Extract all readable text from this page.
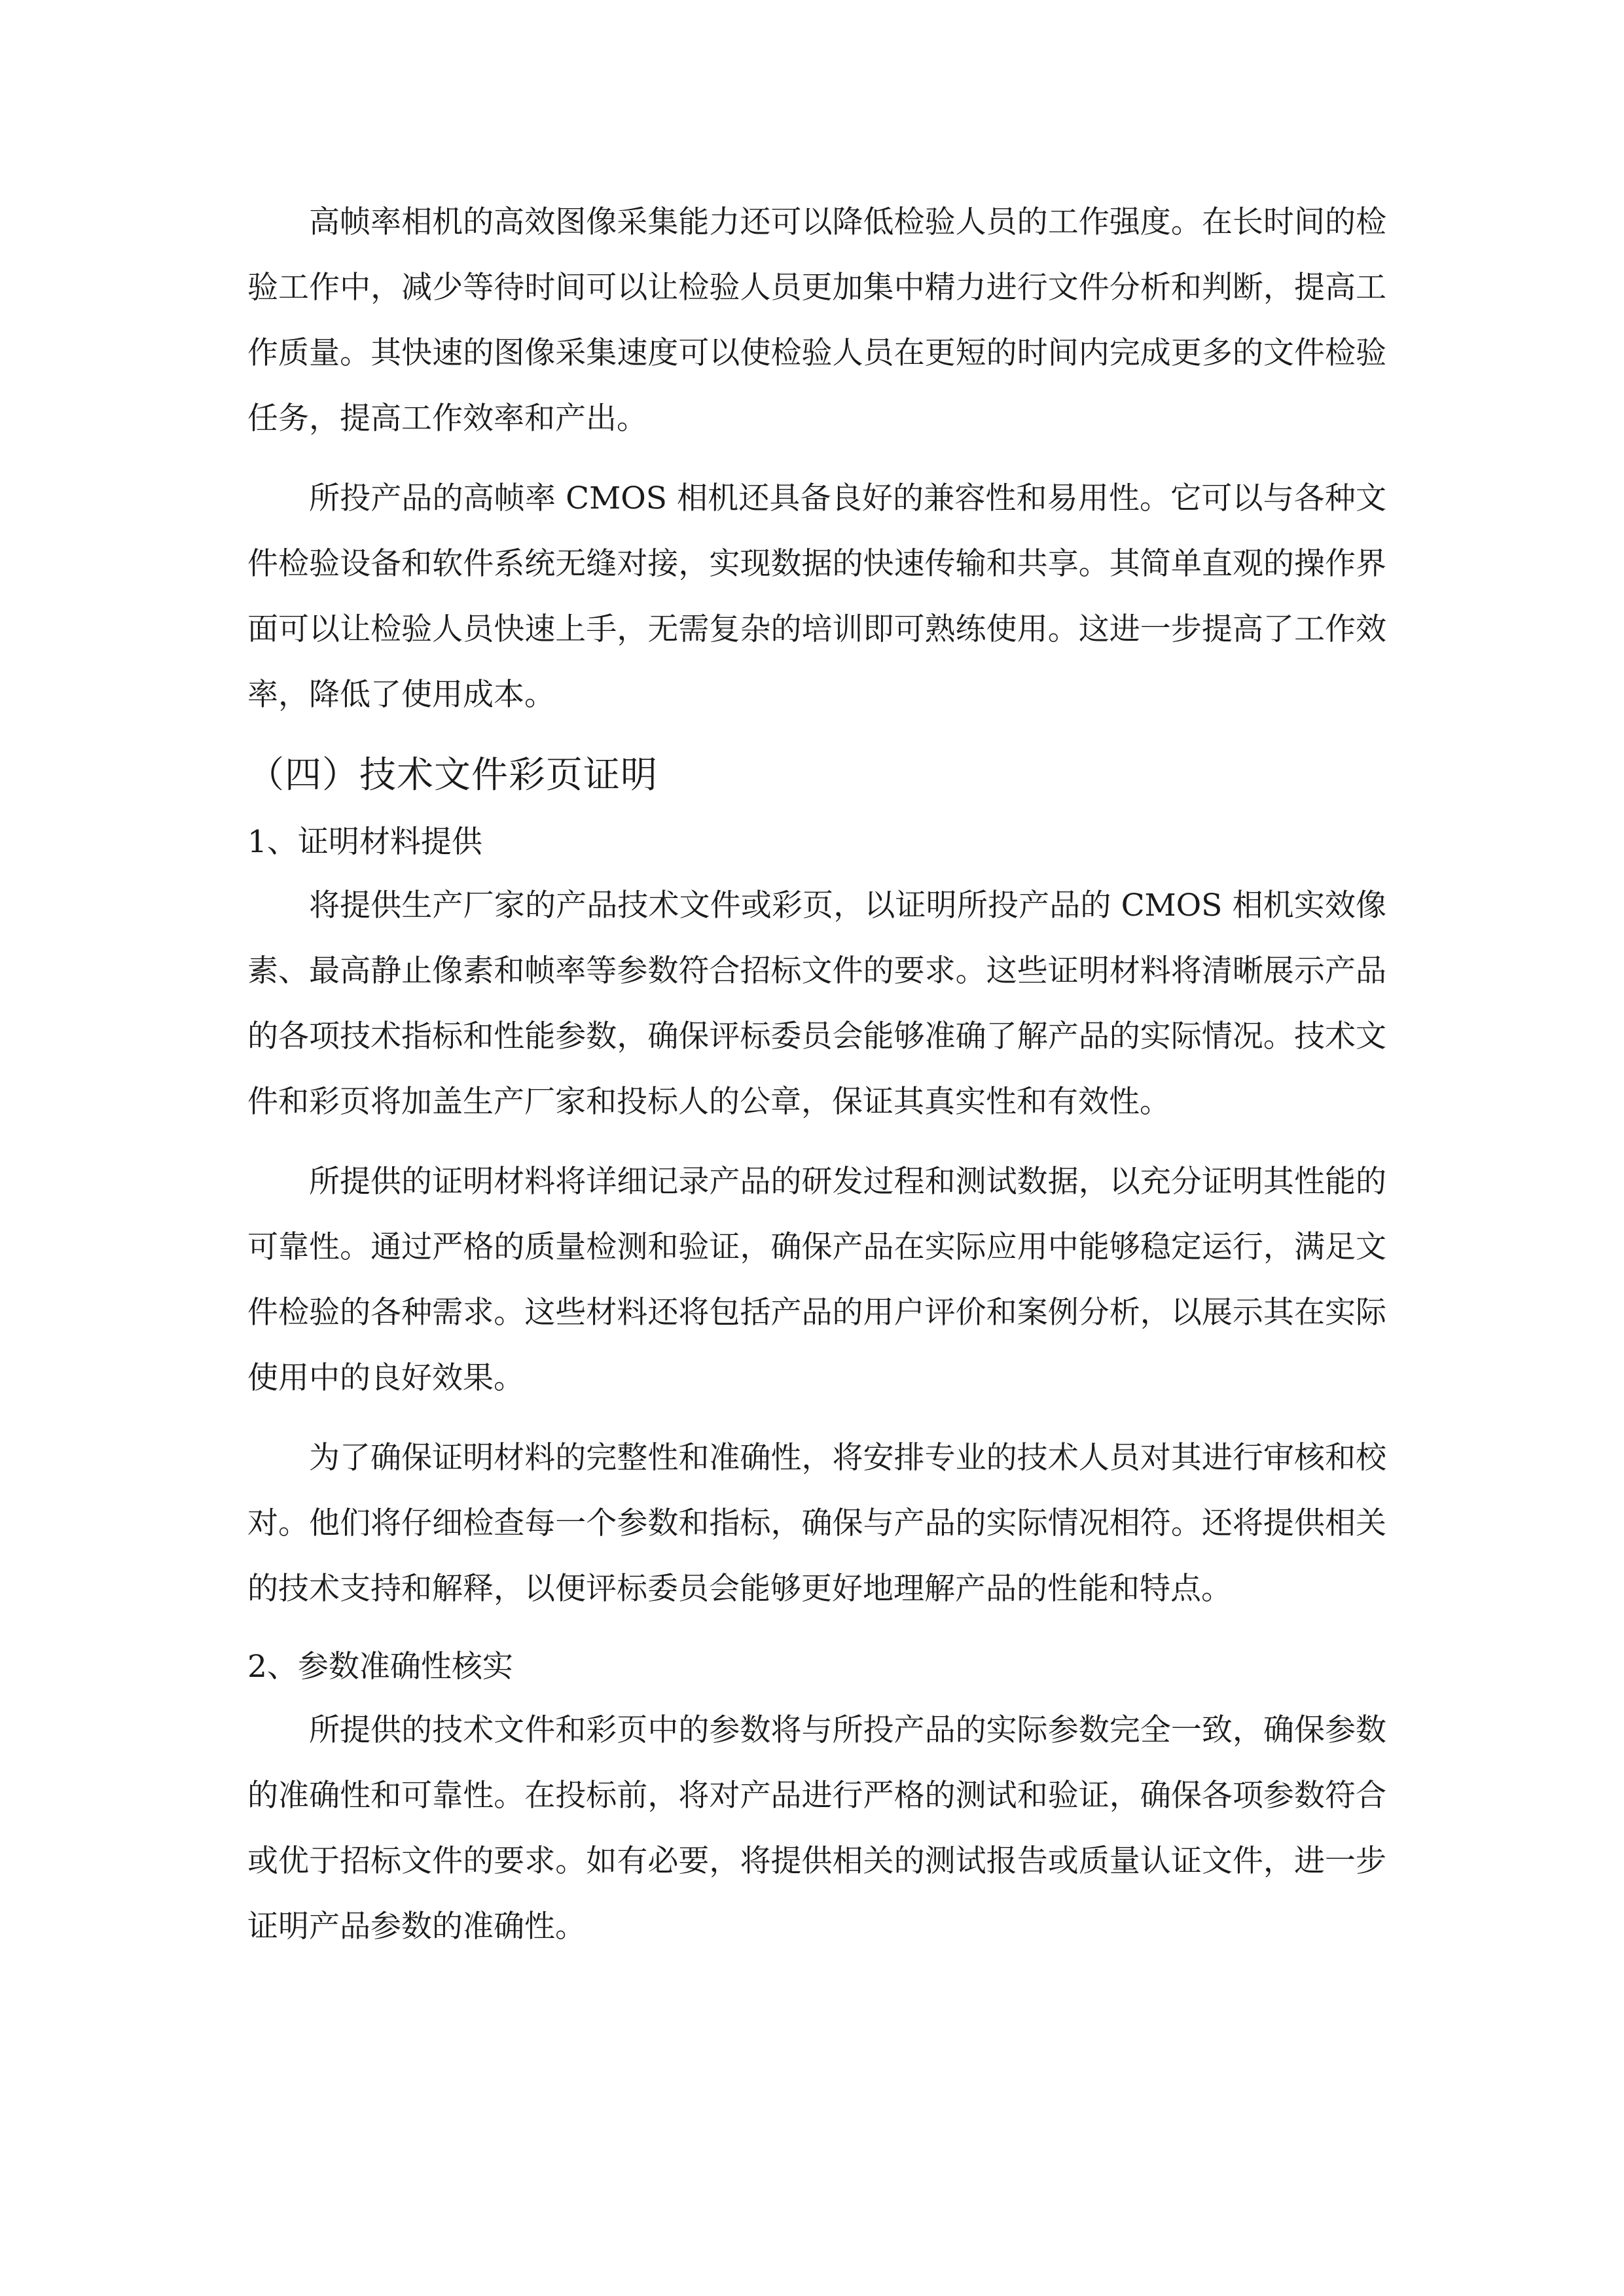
高帧率相机的高效图像采集能力还可以降低检验人员的工作强度。在长时间的检验工作中，减少等待时间可以让检验人员更加集中精力进行文件分析和判断，提高工作质量。其快速的图像采集速度可以使检验人员在更短的时间内完成更多的文件检验任务，提高工作效率和产出。

所投产品的高帧率 CMOS 相机还具备良好的兼容性和易用性。它可以与各种文件检验设备和软件系统无缝对接，实现数据的快速传输和共享。其简单直观的操作界面可以让检验人员快速上手，无需复杂的培训即可熟练使用。这进一步提高了工作效率，降低了使用成本。

（四）技术文件彩页证明
1、证明材料提供

将提供生产厂家的产品技术文件或彩页，以证明所投产品的 CMOS 相机实效像素、最高静止像素和帧率等参数符合招标文件的要求。这些证明材料将清晰展示产品的各项技术指标和性能参数，确保评标委员会能够准确了解产品的实际情况。技术文件和彩页将加盖生产厂家和投标人的公章，保证其真实性和有效性。

所提供的证明材料将详细记录产品的研发过程和测试数据，以充分证明其性能的可靠性。通过严格的质量检测和验证，确保产品在实际应用中能够稳定运行，满足文件检验的各种需求。这些材料还将包括产品的用户评价和案例分析，以展示其在实际使用中的良好效果。

为了确保证明材料的完整性和准确性，将安排专业的技术人员对其进行审核和校对。他们将仔细检查每一个参数和指标，确保与产品的实际情况相符。还将提供相关的技术支持和解释，以便评标委员会能够更好地理解产品的性能和特点。

2、参数准确性核实

所提供的技术文件和彩页中的参数将与所投产品的实际参数完全一致，确保参数的准确性和可靠性。在投标前，将对产品进行严格的测试和验证，确保各项参数符合或优于招标文件的要求。如有必要，将提供相关的测试报告或质量认证文件，进一步证明产品参数的准确性。
